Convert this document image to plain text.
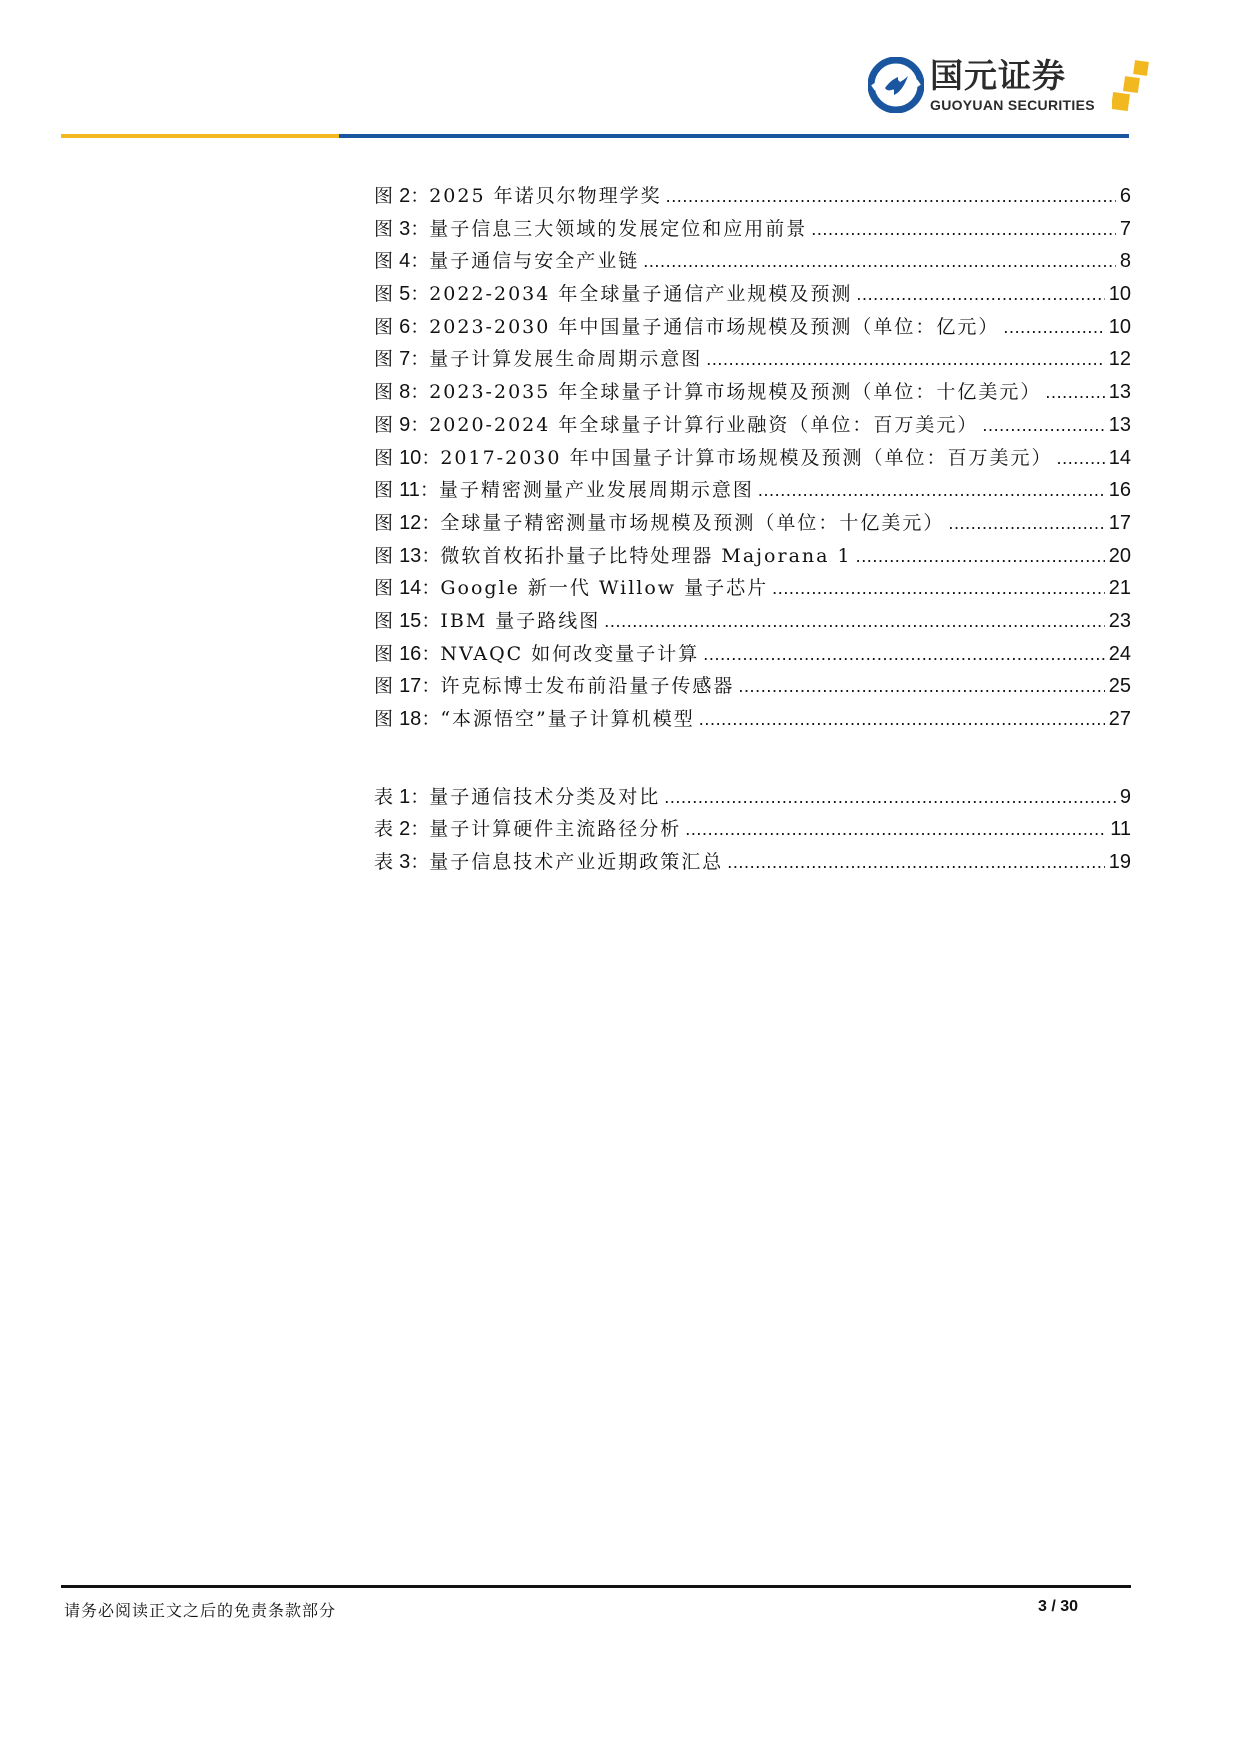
国元证券
GUOYUAN SECURITIES
图 2： 2025 年诺贝尔物理学奖 .....	6
图 3： 量子信息三大领域的发展定位和应用前景 .....	7
图 4： 量子通信与安全产业链 .....	8
图 5： 2022-2034 年全球量子通信产业规模及预测 .....	10
图 6： 2023-2030 年中国量子通信市场规模及预测（单位：亿元） .....	10
图 7： 量子计算发展生命周期示意图 .....	12
图 8： 2023-2035 年全球量子计算市场规模及预测（单位：十亿美元） .....	13
图 9： 2020-2024 年全球量子计算行业融资（单位：百万美元） .....	13
图 10： 2017-2030 年中国量子计算市场规模及预测（单位：百万美元） .....	14
图 11： 量子精密测量产业发展周期示意图 .....	16
图 12： 全球量子精密测量市场规模及预测（单位：十亿美元） .....	17
图 13： 微软首枚拓扑量子比特处理器 Majorana 1 .....	20
图 14： Google 新一代 Willow 量子芯片 .....	21
图 15： IBM 量子路线图 .....	23
图 16： NVAQC 如何改变量子计算 .....	24
图 17： 许克标博士发布前沿量子传感器 .....	25
图 18： “本源悟空”量子计算机模型 .....	27
表 1： 量子通信技术分类及对比 .....	9
表 2： 量子计算硬件主流路径分析 .....	11
表 3： 量子信息技术产业近期政策汇总 .....	19
请务必阅读正文之后的免责条款部分	3 / 30
